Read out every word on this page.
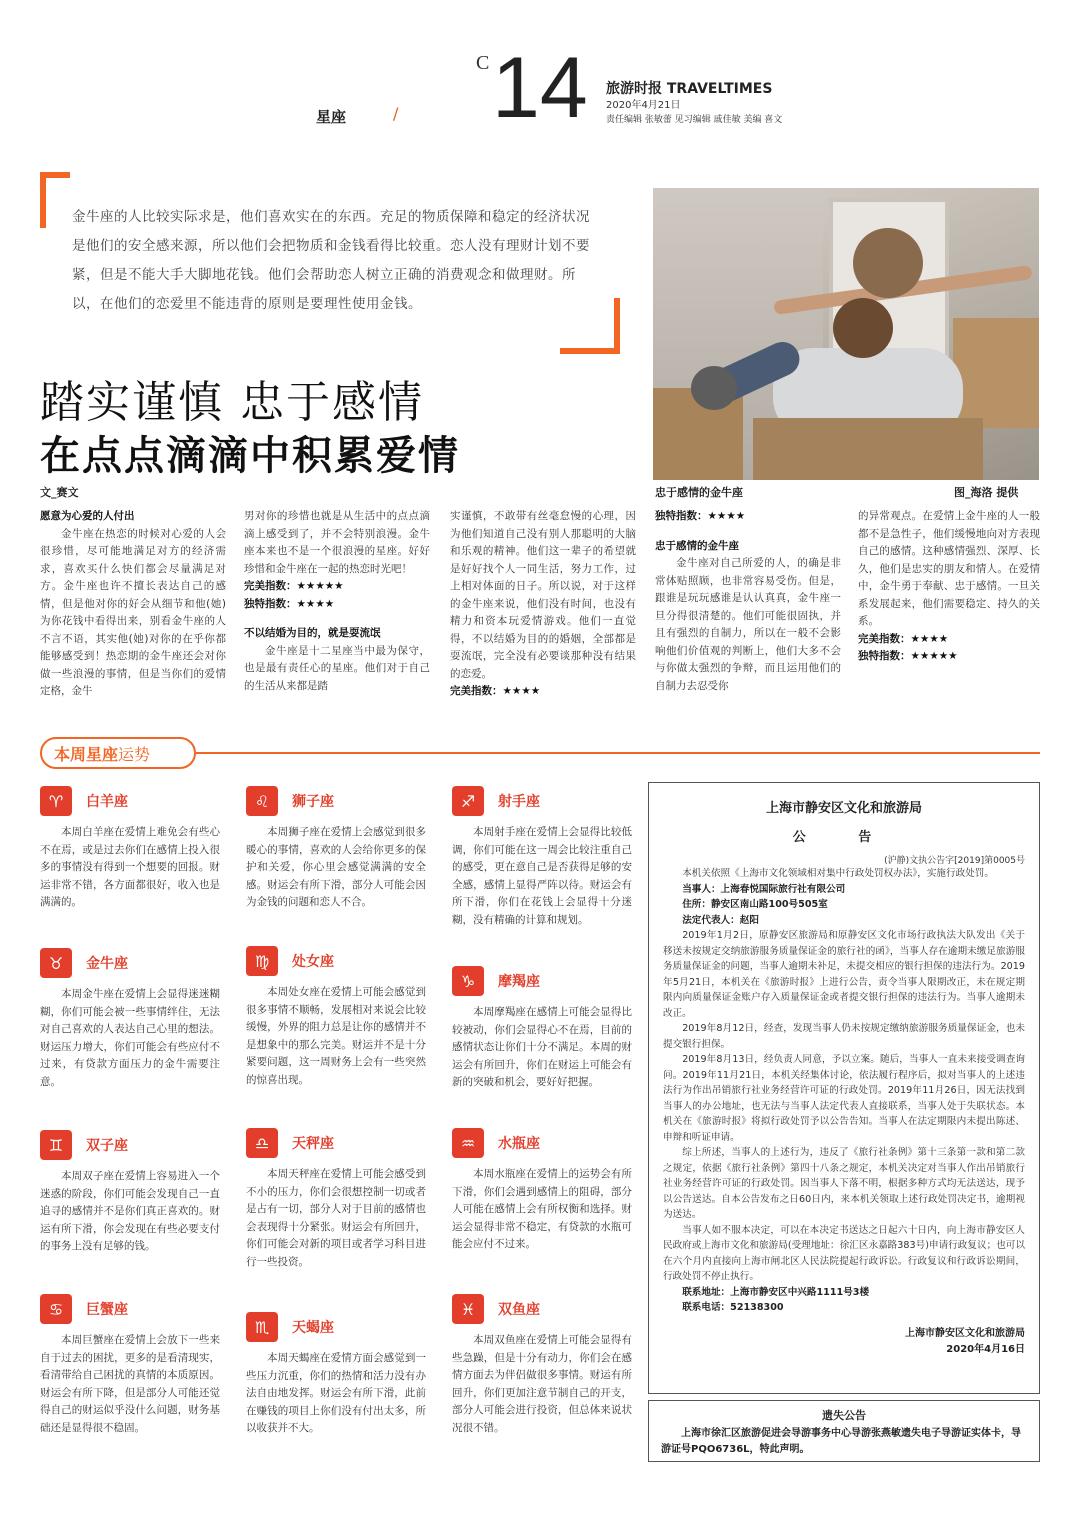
C 14 旅游时报 TRAVELTIMES
2020年4月21日
责任编辑 张敏蕾 见习编辑 戚佳敏 美编 喜文
星座	/
金牛座的人比较实际求是，他们喜欢实在的东西。充足的物质保障和稳定的经济状况是他们的安全感来源，所以他们会把物质和金钱看得比较重。恋人没有理财计划不要紧，但是不能大手大脚地花钱。他们会帮助恋人树立正确的消费观念和做理财。所以，在他们的恋爱里不能违背的原则是要理性使用金钱。
忠于感情的金牛座	图_海洛 提供
踏实谨慎 忠于感情
在点点滴滴中积累爱情
文_赛文
愿意为心爱的人付出

金牛座在热恋的时候对心爱的人会很珍惜，尽可能地满足对方的经济需求，喜欢买什么快们都会尽量满足对方。金牛座也许不擅长表达自己的感情，但是他对你的好会从细节和他(她)为你花钱中看得出来，别看金牛座的人不言不语，其实他(她)对你的在乎你都能够感受到！热恋期的金牛座还会对你做一些浪漫的事情，但是当你们的爱情定格，金牛

男对你的珍惜也就是从生活中的点点滴滴上感受到了，并不会特别浪漫。金牛座本来也不是一个很浪漫的星座。好好珍惜和金牛座在一起的热恋时光吧！

完美指数：★★★★★
独特指数：★★★★
不以结婚为目的，就是耍流氓

金牛座是十二星座当中最为保守，也是最有责任心的星座。他们对于自己的生活从来都是踏

实谨慎，不敢带有丝毫怠慢的心理，因为他们知道自己没有别人那聪明的大脑和乐观的精神。他们这一辈子的希望就是好好找个人一同生活，努力工作，过上相对体面的日子。所以说，对于这样的金牛座来说，他们没有时间，也没有精力和资本玩爱情游戏。他们一直觉得，不以结婚为目的的婚姻，全部都是耍流氓，完全没有必要谈那种没有结果的恋爱。

完美指数：★★★★
独特指数：★★★★
忠于感情的金牛座

金牛座对自己所爱的人，的确是非常体贴照顾，也非常容易受伤。但是，跟谁是玩玩感谁是认认真真，金牛座一旦分得很清楚的。他们可能很固执，并且有强烈的自制力，所以在一般不会影响他们价值观的判断上，他们大多不会与你做太强烈的争辩，而且运用他们的自制力去忍受你

的异常观点。在爱情上金牛座的人一般都不是急性子，他们缓慢地向对方表现自己的感情。这种感情强烈、深厚、长久，他们是忠实的朋友和情人。在爱情中，金牛勇于奉献、忠于感情。一旦关系发展起来，他们需要稳定、持久的关系。

完美指数：★★★★
独特指数：★★★★★
本周星座运势
♈	白羊座
本周白羊座在爱情上难免会有些心不在焉，或是过去你们在感情上投入很多的事情没有得到一个想要的回报。财运非常不错，各方面都很好，收入也是满满的。
♉	金牛座
本周金牛座在爱情上会显得迷迷糊糊，你们可能会被一些事情绊住，无法对自己喜欢的人表达自己心里的想法。财运压力增大，你们可能会有些应付不过来，有贷款方面压力的金牛需要注意。
♊	双子座
本周双子座在爱情上容易进入一个迷惑的阶段，你们可能会发现自己一直追寻的感情并不是你们真正喜欢的。财运有所下滑，你会发现在有些必要支付的事务上没有足够的钱。
♋	巨蟹座
本周巨蟹座在爱情上会放下一些来自于过去的困扰，更多的是看清现实，看清带给自己困扰的真情的本质原因。财运会有所下降，但是部分人可能还觉得自己的财运似乎没什么问题，财务基础还是显得很不稳固。
♌	狮子座
本周狮子座在爱情上会感觉到很多暖心的事情，喜欢的人会给你更多的保护和关爱，你心里会感觉满满的安全感。财运会有所下滑，部分人可能会因为金钱的问题和恋人不合。
♍	处女座
本周处女座在爱情上可能会感觉到很多事情不顺畅，发展相对来说会比较缓慢，外界的阻力总是让你的感情并不是想象中的那么完美。财运并不是十分紧要问题，这一周财务上会有一些突然的惊喜出现。
♎	天秤座
本周天秤座在爱情上可能会感受到不小的压力，你们会很想控制一切或者是占有一切，部分人对于目前的感情也会表现得十分紧张。财运会有所回升，你们可能会对新的项目或者学习科目进行一些投资。
♏	天蝎座
本周天蝎座在爱情方面会感觉到一些压力沉重，你们的热情和活力没有办法自由地发挥。财运会有所下滑，此前在赚钱的项目上你们没有付出太多，所以收获并不大。
♐	射手座
本周射手座在爱情上会显得比较低调，你们可能在这一周会比较注重自己的感受，更在意自己是否获得足够的安全感，感情上显得严阵以待。财运会有所下滑，你们在花钱上会显得十分迷糊，没有精确的计算和规划。
♑	摩羯座
本周摩羯座在感情上可能会显得比较被动，你们会显得心不在焉，目前的感情状态让你们十分不满足。本周的财运会有所回升，你们在财运上可能会有新的突破和机会，要好好把握。
♒	水瓶座
本周水瓶座在爱情上的运势会有所下滑，你们会遇到感情上的阻碍，部分人可能在感情上会有所权衡和选择。财运会显得非常不稳定，有贷款的水瓶可能会应付不过来。
♓	双鱼座
本周双鱼座在爱情上可能会显得有些急躁，但是十分有动力，你们会在感情方面去为伴侣做很多事情。财运有所回升，你们更加注意节制自己的开支，部分人可能会进行投资，但总体来说状况很不错。
上海市静安区文化和旅游局
公 告
(沪静)文执公告字[2019]第0005号
本机关依照《上海市文化领域相对集中行政处罚权办法》，实施行政处罚。
当事人：上海春悦国际旅行社有限公司
住所：静安区南山路100号505室
法定代表人：赵阳
2019年1月2日，原静安区旅游局和原静安区文化市场行政执法大队发出《关于移送未按规定交纳旅游服务质量保证金的旅行社的函》，当事人存在逾期未缴足旅游服务质量保证金的问题，当事人逾期未补足，未提交相应的银行担保的违法行为。2019年5月21日，本机关在《旅游时报》上进行公告，责令当事人限期改正，未在规定期限内向质量保证金账户存入质量保证金或者提交银行担保的违法行为。当事人逾期未改正。
2019年8月12日，经查，发现当事人仍未按规定缴纳旅游服务质量保证金，也未提交银行担保。
2019年8月13日，经负责人同意，予以立案。随后，当事人一直未来接受调查询问。2019年11月21日，本机关经集体讨论，依法履行程序后，拟对当事人的上述违法行为作出吊销旅行社业务经营许可证的行政处罚。2019年11月26日，因无法找到当事人的办公地址，也无法与当事人法定代表人直接联系，当事人处于失联状态。本机关在《旅游时报》将拟行政处罚予以公告告知。当事人在法定期限内未提出陈述、申辩和听证申请。
综上所述，当事人的上述行为，违反了《旅行社条例》第十三条第一款和第二款之规定，依据《旅行社条例》第四十八条之规定，本机关决定对当事人作出吊销旅行社业务经营许可证的行政处罚。因当事人下落不明，根据多种方式均无法送达，现予以公告送达。自本公告发布之日60日内，来本机关领取上述行政处罚决定书，逾期视为送达。
当事人如不服本决定，可以在本决定书送达之日起六十日内，向上海市静安区人民政府或上海市文化和旅游局(受理地址：徐汇区永嘉路383号)申请行政复议；也可以在六个月内直接向上海市闸北区人民法院提起行政诉讼。行政复议和行政诉讼期间，行政处罚不停止执行。
联系地址：上海市静安区中兴路1111号3楼
联系电话：52138300
上海市静安区文化和旅游局
2020年4月16日
遗失公告
上海市徐汇区旅游促进会导游事务中心导游张燕敏遗失电子导游证实体卡，导游证号PQO6736L，特此声明。
